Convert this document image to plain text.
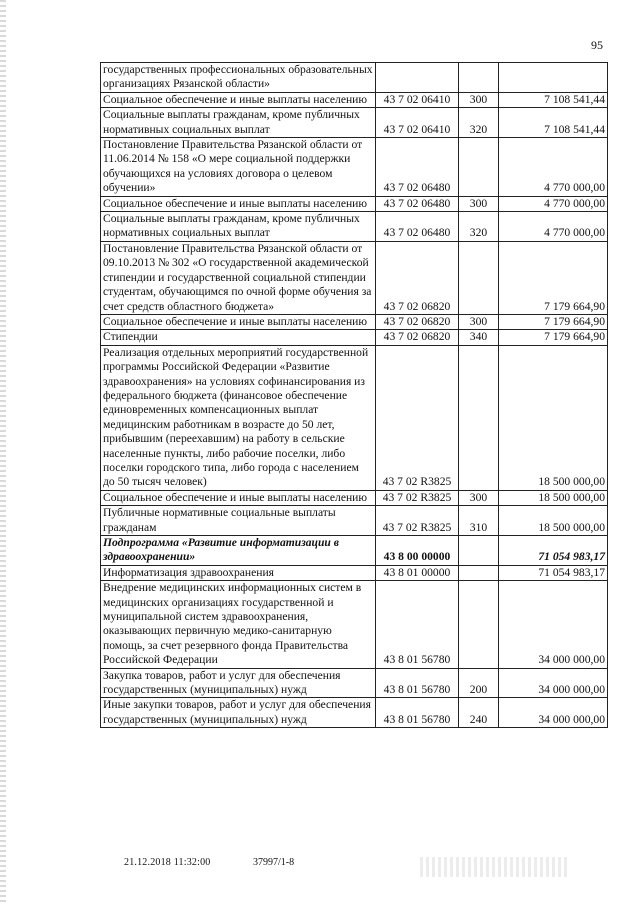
95
государственных профессиональных образовательных организациях Рязанской области»			
Социальное обеспечение и иные выплаты населению	43 7 02 06410	300	7 108 541,44
Социальные выплаты гражданам, кроме публичных нормативных социальных выплат	43 7 02 06410	320	7 108 541,44
Постановление Правительства Рязанской области от 11.06.2014 № 158 «О мере социальной поддержки обучающихся на условиях договора о целевом обучении»	43 7 02 06480		4 770 000,00
Социальное обеспечение и иные выплаты населению	43 7 02 06480	300	4 770 000,00
Социальные выплаты гражданам, кроме публичных нормативных социальных выплат	43 7 02 06480	320	4 770 000,00
Постановление Правительства Рязанской области от 09.10.2013 № 302 «О государственной академической стипендии и государственной социальной стипендии студентам, обучающимся по очной форме обучения за счет средств областного бюджета»	43 7 02 06820		7 179 664,90
Социальное обеспечение и иные выплаты населению	43 7 02 06820	300	7 179 664,90
Стипендии	43 7 02 06820	340	7 179 664,90
Реализация отдельных мероприятий государственной программы Российской Федерации «Развитие здравоохранения» на условиях софинансирования из федерального бюджета (финансовое обеспечение единовременных компенсационных выплат медицинским работникам в возрасте до 50 лет, прибывшим (переехавшим) на работу в сельские населенные пункты, либо рабочие поселки, либо поселки городского типа, либо города с населением до 50 тысяч человек)	43 7 02 R3825		18 500 000,00
Социальное обеспечение и иные выплаты населению	43 7 02 R3825	300	18 500 000,00
Публичные нормативные социальные выплаты гражданам	43 7 02 R3825	310	18 500 000,00
Подпрограмма «Развитие информатизации в здравоохранении»	43 8 00 00000		71 054 983,17
Информатизация здравоохранения	43 8 01 00000		71 054 983,17
Внедрение медицинских информационных систем в медицинских организациях государственной и муниципальной систем здравоохранения, оказывающих первичную медико-санитарную помощь, за счет резервного фонда Правительства Российской Федерации	43 8 01 56780		34 000 000,00
Закупка товаров, работ и услуг для обеспечения государственных (муниципальных) нужд	43 8 01 56780	200	34 000 000,00
Иные закупки товаров, работ и услуг для обеспечения государственных (муниципальных) нужд	43 8 01 56780	240	34 000 000,00
21.12.2018 11:32:00	37997/1-8
